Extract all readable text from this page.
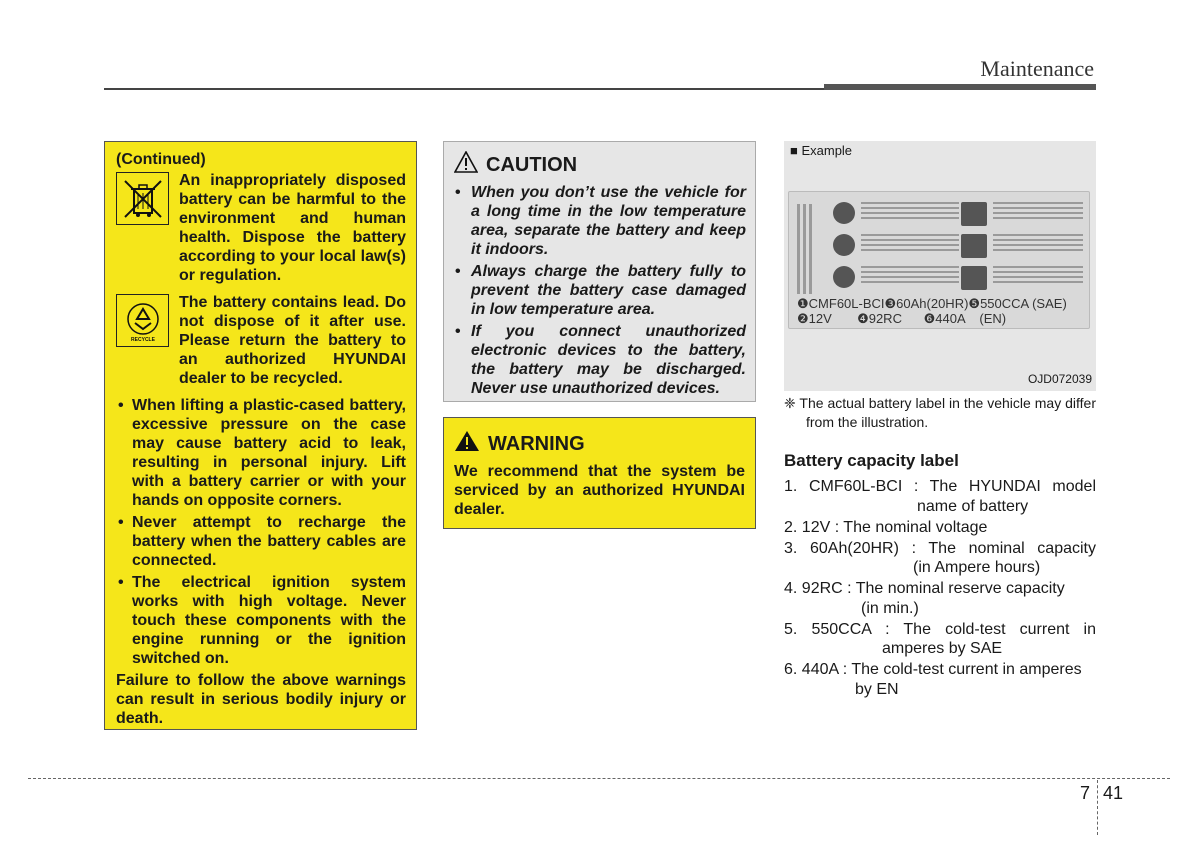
Maintenance
(Continued)

An inappropriately disposed battery can be harmful to the environment and human health. Dispose the battery according to your local law(s) or regulation.

RECYCLE

The battery contains lead. Do not dispose of it after use. Please return the battery to an authorized HYUNDAI dealer to be recycled.

• When lifting a plastic-cased battery, excessive pressure on the case may cause battery acid to leak, resulting in personal injury. Lift with a battery carrier or with your hands on opposite corners.
• Never attempt to recharge the battery when the battery cables are connected.
• The electrical ignition system works with high voltage. Never touch these components with the engine running or the ignition switched on.

Failure to follow the above warnings can result in serious bodily injury or death.

CAUTION
• When you don’t use the vehicle for a long time in the low temperature area, separate the battery and keep it indoors.
• Always charge the battery fully to prevent the battery case damaged in low temperature area.
• If you connect unauthorized electronic devices to the battery, the battery may be discharged. Never use unauthorized devices.
WARNING

We recommend that the system be serviced by an authorized HYUNDAI dealer.

■ Example
❶CMF60L-BCI❸60Ah(20HR)❺550CCA (SAE)
❷12V       ❹92RC      ❻440A    (EN)
OJD072039

❈ The actual battery label in the vehicle may differ from the illustration.

Battery capacity label
1. CMF60L-BCI : The HYUNDAI model
name of battery
2. 12V : The nominal voltage
3. 60Ah(20HR) : The nominal capacity
(in Ampere hours)
4. 92RC : The nominal reserve capacity
(in min.)
5. 550CCA : The cold-test current in
amperes by SAE
6. 440A : The cold-test current in amperes
by EN
7 41
